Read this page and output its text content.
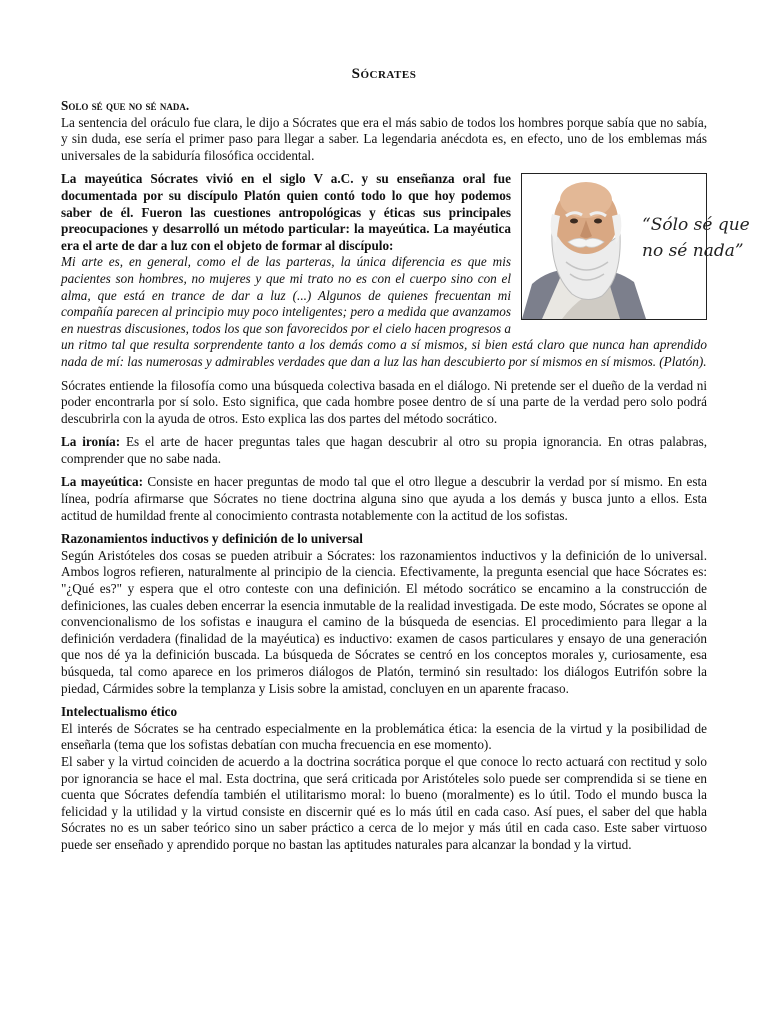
Sócrates

Solo sé que no sé nada.
La sentencia del oráculo fue clara, le dijo a Sócrates que era el más sabio de todos los hombres porque sabía que no sabía, y sin duda, ese sería el primer paso para llegar a saber. La legendaria anécdota es, en efecto, uno de los emblemas más universales de la sabiduría filosófica occidental.

“Sólo sé que no sé nada”

La mayeútica Sócrates vivió en el siglo V a.C. y su enseñanza oral fue documentada por su discípulo Platón quien contó todo lo que hoy podemos saber de él. Fueron las cuestiones antropológicas y éticas sus principales preocupaciones y desarrolló un método particular: la mayeútica. La mayéutica era el arte de dar a luz con el objeto de formar al discípulo:

Mi arte es, en general, como el de las parteras, la única diferencia es que mis pacientes son hombres, no mujeres y que mi trato no es con el cuerpo sino con el alma, que está en trance de dar a luz (...) Algunos de quienes frecuentan mi compañía parecen al principio muy poco inteligentes; pero a medida que avanzamos en nuestras discusiones, todos los que son favorecidos por el cielo hacen progresos a un ritmo tal que resulta sorprendente tanto a los demás como a sí mismos, si bien está claro que nunca han aprendido nada de mí: las numerosas y admirables verdades que dan a luz las han descubierto por sí mismos en sí mismos. (Platón).

Sócrates entiende la filosofía como una búsqueda colectiva basada en el diálogo. Ni pretende ser el dueño de la verdad ni poder encontrarla por sí solo. Esto significa, que cada hombre posee dentro de sí una parte de la verdad pero solo podrá descubrirla con la ayuda de otros. Esto explica las dos partes del método socrático.

La ironía: Es el arte de hacer preguntas tales que hagan descubrir al otro su propia ignorancia. En otras palabras, comprender que no sabe nada.

La mayeútica: Consiste en hacer preguntas de modo tal que el otro llegue a descubrir la verdad por sí mismo. En esta línea, podría afirmarse que Sócrates no tiene doctrina alguna sino que ayuda a los demás y busca junto a ellos. Esta actitud de humildad frente al conocimiento contrasta notablemente con la actitud de los sofistas.

Razonamientos inductivos y definición de lo universal
Según Aristóteles dos cosas se pueden atribuir a Sócrates: los razonamientos inductivos y la definición de lo universal. Ambos logros refieren, naturalmente al principio de la ciencia. Efectivamente, la pregunta esencial que hace Sócrates es: "¿Qué es?" y espera que el otro conteste con una definición. El método socrático se encamino a la construcción de definiciones, las cuales deben encerrar la esencia inmutable de la realidad investigada. De este modo, Sócrates se opone al convencionalismo de los sofistas e inaugura el camino de la búsqueda de esencias. El procedimiento para llegar a la definición verdadera (finalidad de la mayéutica) es inductivo: examen de casos particulares y ensayo de una generación que nos dé ya la definición buscada. La búsqueda de Sócrates se centró en los conceptos morales y, curiosamente, esa búsqueda, tal como aparece en los primeros diálogos de Platón, terminó sin resultado: los diálogos Eutrifón sobre la piedad, Cármides sobre la templanza y Lisis sobre la amistad, concluyen en un aparente fracaso.

Intelectualismo ético
El interés de Sócrates se ha centrado especialmente en la problemática ética: la esencia de la virtud y la posibilidad de enseñarla (tema que los sofistas debatían con mucha frecuencia en ese momento).
El saber y la virtud coinciden de acuerdo a la doctrina socrática porque el que conoce lo recto actuará con rectitud y solo por ignorancia se hace el mal. Esta doctrina, que será criticada por Aristóteles solo puede ser comprendida si se tiene en cuenta que Sócrates defendía también el utilitarismo moral: lo bueno (moralmente) es lo útil. Todo el mundo busca la felicidad y la utilidad y la virtud consiste en discernir qué es lo más útil en cada caso. Así pues, el saber del que habla Sócrates no es un saber teórico sino un saber práctico a cerca de lo mejor y más útil en cada caso. Este saber virtuoso puede ser enseñado y aprendido porque no bastan las aptitudes naturales para alcanzar la bondad y la virtud.
